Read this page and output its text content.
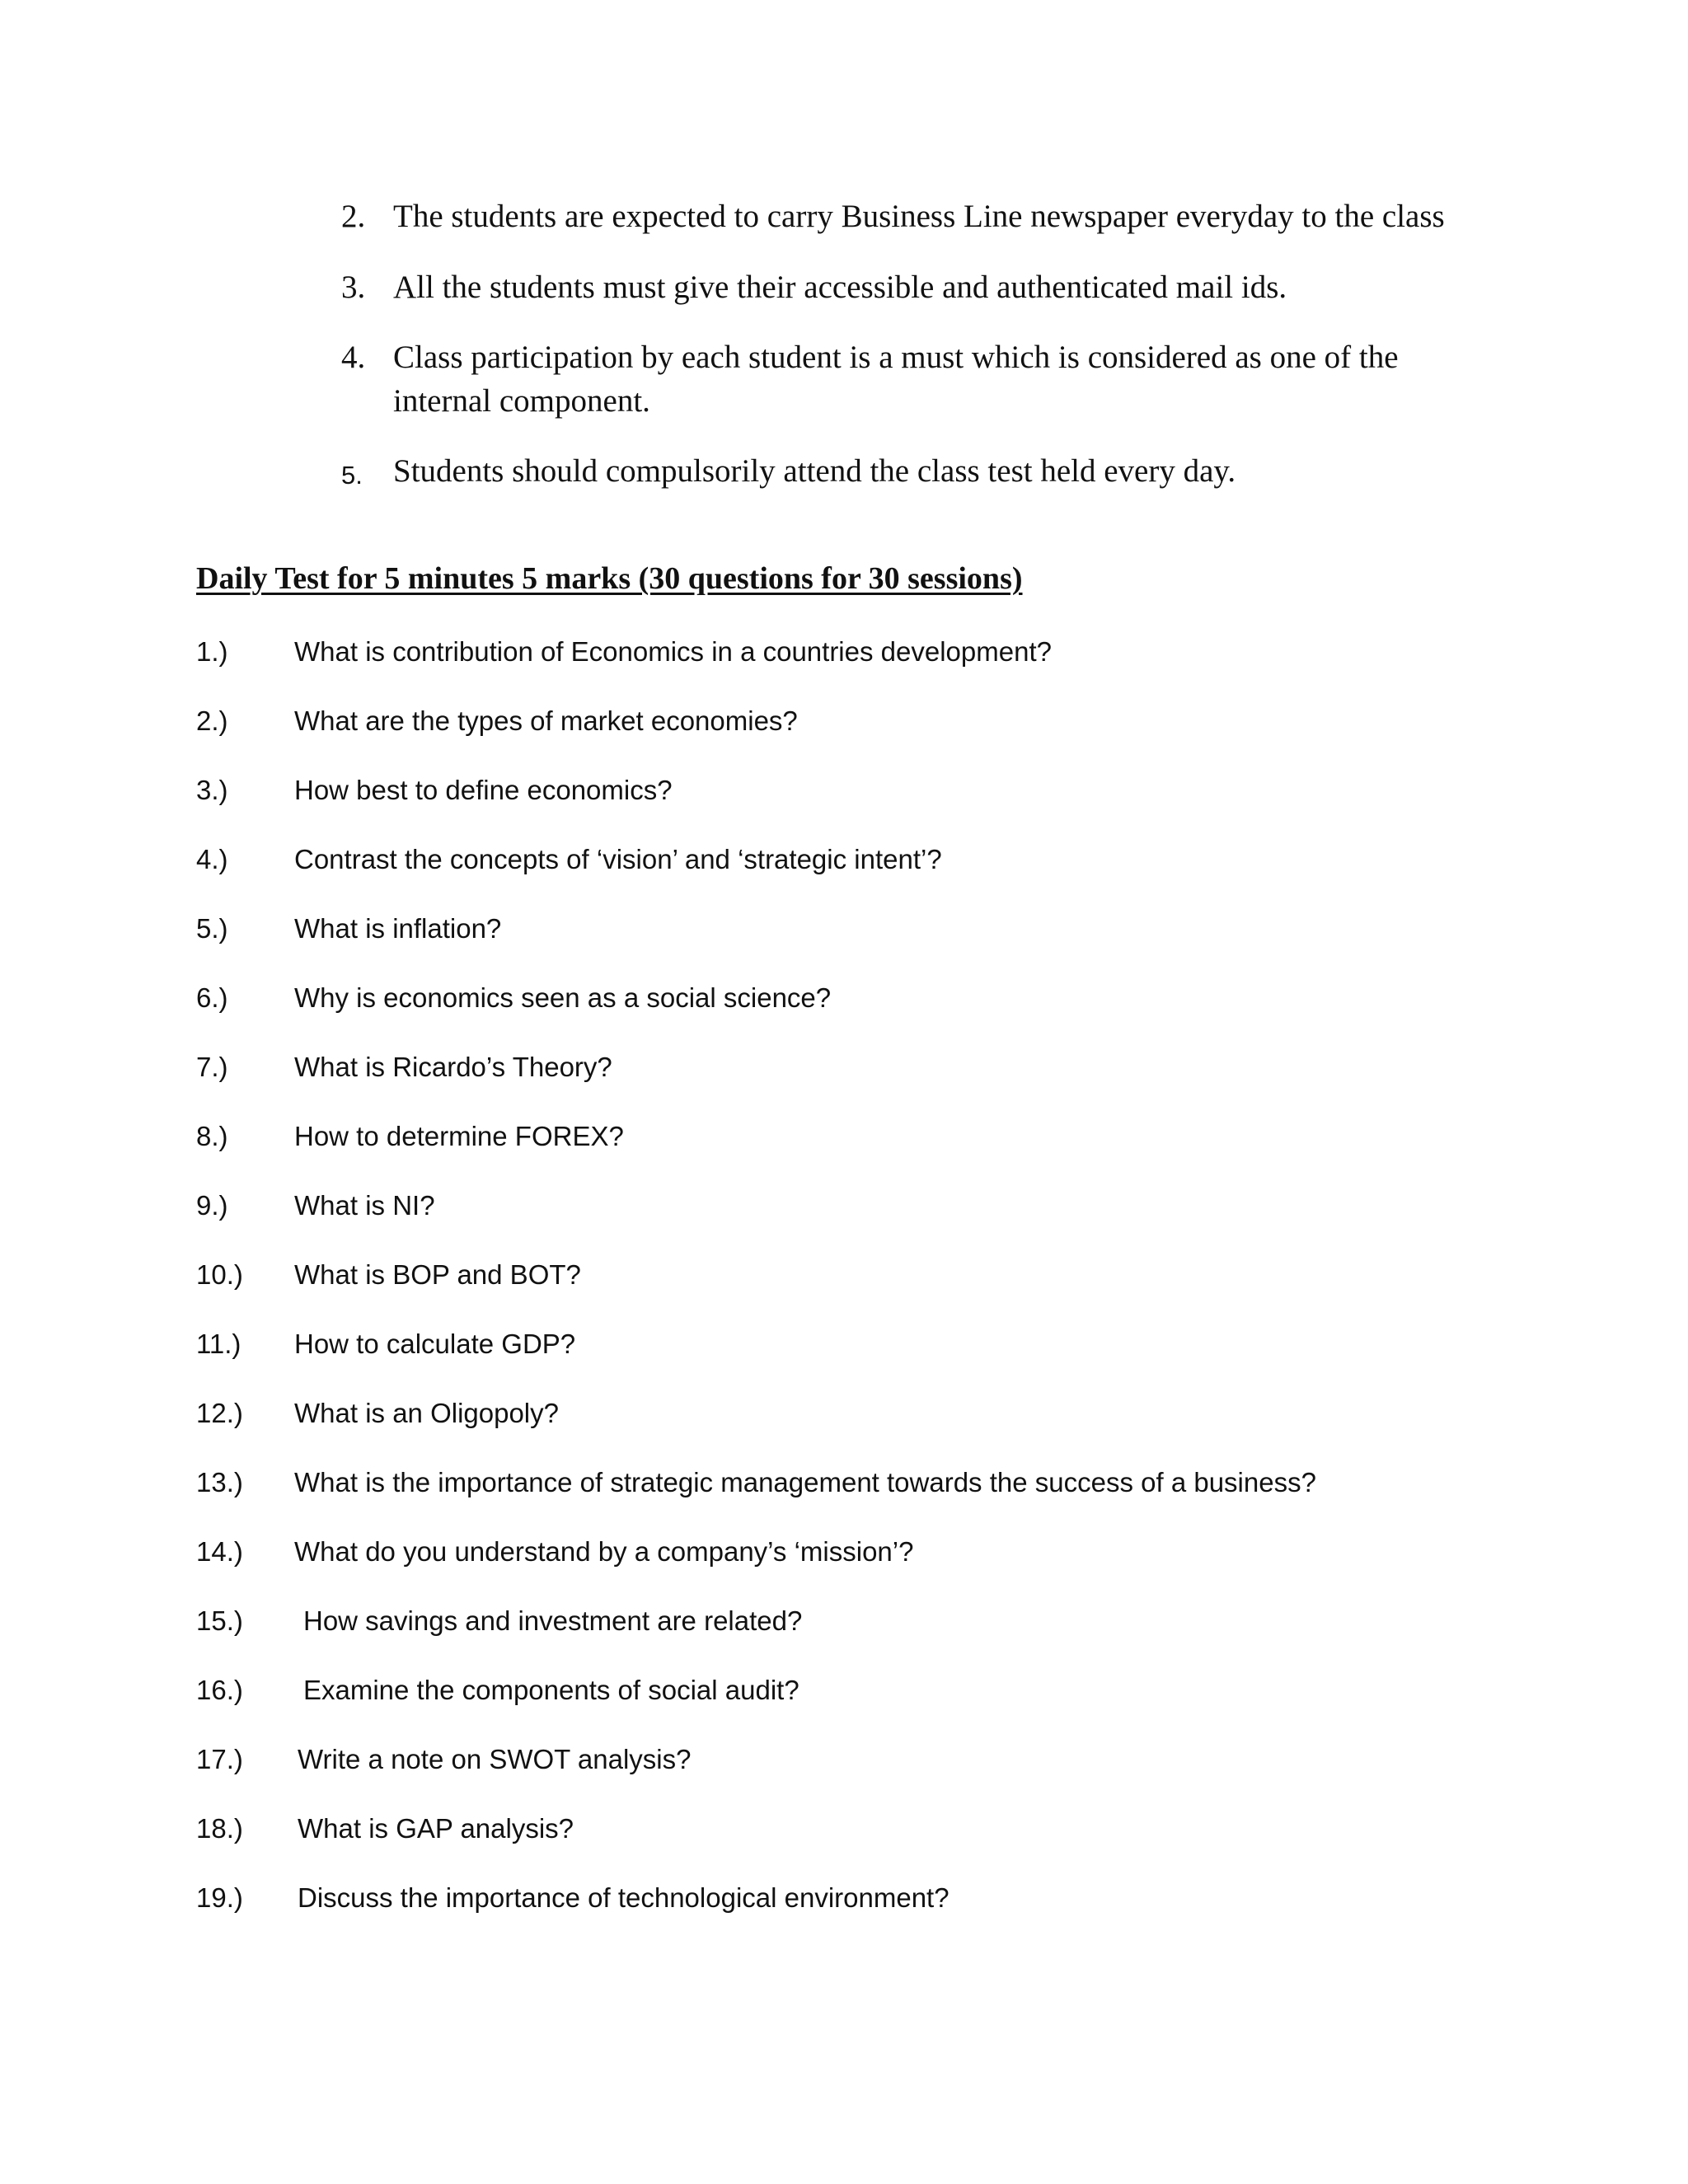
2. The students are expected to carry Business Line newspaper everyday to the class
3. All the students must give their accessible and authenticated mail ids.
4. Class participation by each student is a must which is considered as one of the internal component.
5. Students should compulsorily attend the class test held every day.
Daily Test for 5 minutes 5 marks (30 questions for 30 sessions)
1.) What is contribution of Economics in a countries development?
2.) What are the types of market economies?
3.) How best to define economics?
4.) Contrast the concepts of ‘vision’ and ‘strategic intent’?
5.) What is inflation?
6.) Why is economics seen as a social science?
7.) What is Ricardo’s Theory?
8.) How to determine FOREX?
9.) What is NI?
10.) What is BOP and BOT?
11.) How to calculate GDP?
12.) What is an Oligopoly?
13.) What is the importance of strategic management towards the success of a business?
14.) What do you understand by a company’s ‘mission’?
15.) How savings and investment are related?
16.) Examine the components of social audit?
17.) Write a note on SWOT analysis?
18.) What is GAP analysis?
19.) Discuss the importance of technological environment?
